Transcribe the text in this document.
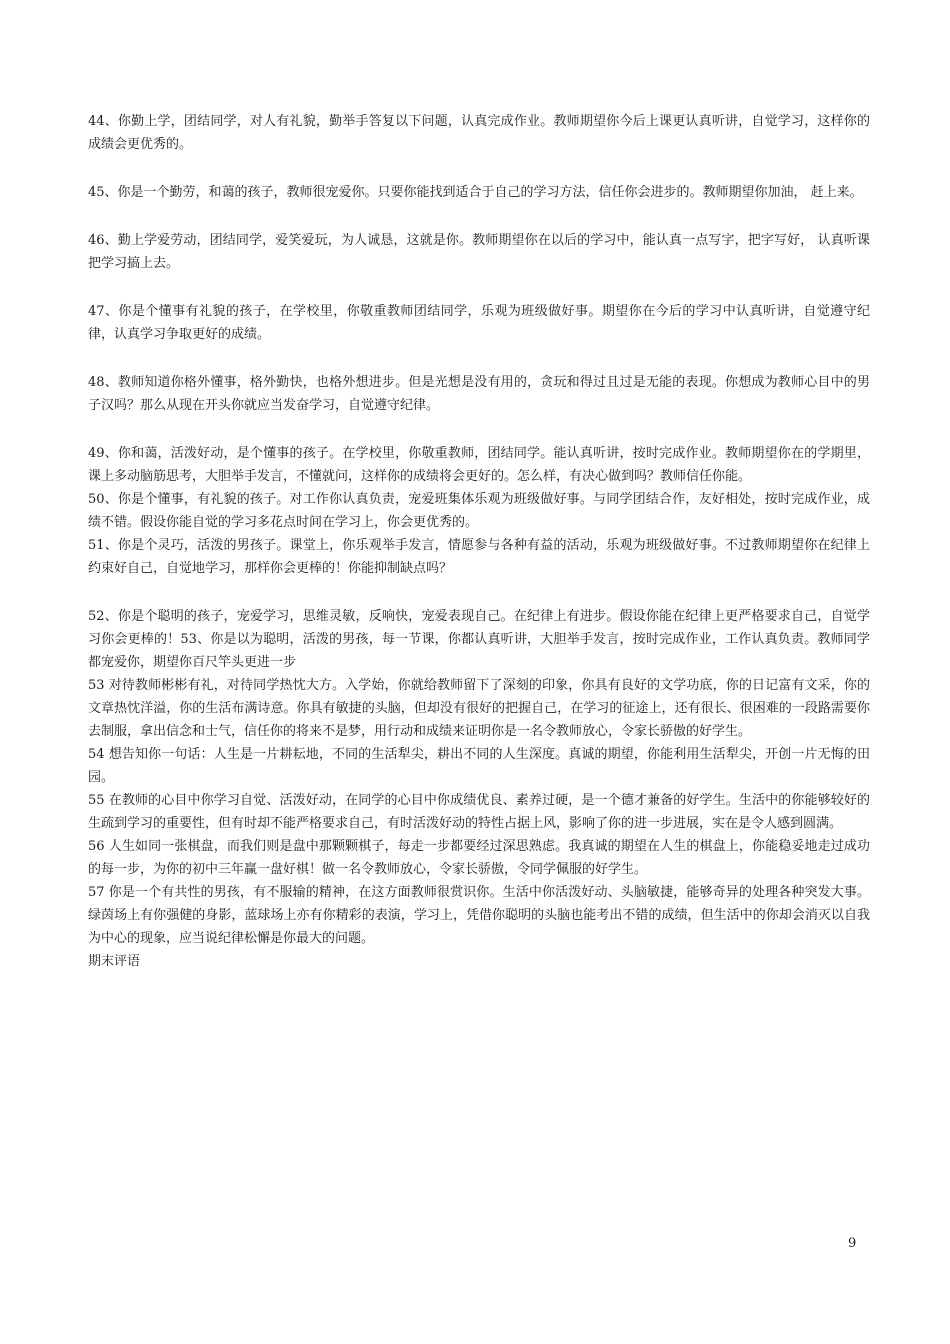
44、你勤上学，团结同学，对人有礼貌，勤举手答复以下问题，认真完成作业。教师期望你今后上课更认真听讲，自觉学习，这样你的成绩会更优秀的。

45、你是一个勤劳，和蔼的孩子，教师很宠爱你。只要你能找到适合于自己的学习方法，信任你会进步的。教师期望你加油， 赶上来。

46、勤上学爱劳动，团结同学，爱笑爱玩，为人诚恳，这就是你。教师期望你在以后的学习中，能认真一点写字，把字写好， 认真听课把学习搞上去。

47、你是个懂事有礼貌的孩子，在学校里，你敬重教师团结同学，乐观为班级做好事。期望你在今后的学习中认真听讲，自觉遵守纪律，认真学习争取更好的成绩。

48、教师知道你格外懂事，格外勤快，也格外想进步。但是光想是没有用的，贪玩和得过且过是无能的表现。你想成为教师心目中的男子汉吗？那么从现在开头你就应当发奋学习，自觉遵守纪律。

49、你和蔼，活泼好动，是个懂事的孩子。在学校里，你敬重教师，团结同学。能认真听讲，按时完成作业。教师期望你在的学期里，课上多动脑筋思考，大胆举手发言，不懂就问，这样你的成绩将会更好的。怎么样，有决心做到吗？教师信任你能。

50、你是个懂事，有礼貌的孩子。对工作你认真负责，宠爱班集体乐观为班级做好事。与同学团结合作，友好相处，按时完成作业，成绩不错。假设你能自觉的学习多花点时间在学习上，你会更优秀的。

51、你是个灵巧，活泼的男孩子。课堂上，你乐观举手发言，情愿参与各种有益的活动，乐观为班级做好事。不过教师期望你在纪律上约束好自己，自觉地学习，那样你会更棒的！你能抑制缺点吗？

52、你是个聪明的孩子，宠爱学习，思维灵敏，反响快，宠爱表现自己。在纪律上有进步。假设你能在纪律上更严格要求自己，自觉学习你会更棒的！53、你是以为聪明，活泼的男孩，每一节课，你都认真听讲，大胆举手发言，按时完成作业，工作认真负责。教师同学都宠爱你，期望你百尺竿头更进一步

53 对待教师彬彬有礼，对待同学热忱大方。入学始，你就给教师留下了深刻的印象，你具有良好的文学功底，你的日记富有文采，你的文章热忱洋溢，你的生活布满诗意。你具有敏捷的头脑，但却没有很好的把握自己，在学习的征途上，还有很长、很困难的一段路需要你去制服，拿出信念和士气，信任你的将来不是梦，用行动和成绩来证明你是一名令教师放心，令家长骄傲的好学生。

54 想告知你一句话：人生是一片耕耘地，不同的生活犁尖，耕出不同的人生深度。真诚的期望，你能利用生活犁尖，开创一片无悔的田园。

55 在教师的心目中你学习自觉、活泼好动，在同学的心目中你成绩优良、素养过硬，是一个德才兼备的好学生。生活中的你能够较好的生疏到学习的重要性，但有时却不能严格要求自己，有时活泼好动的特性占据上风，影响了你的进一步进展，实在是令人感到圆满。

56 人生如同一张棋盘，而我们则是盘中那颗颗棋子，每走一步都要经过深思熟虑。我真诚的期望在人生的棋盘上，你能稳妥地走过成功的每一步，为你的初中三年赢一盘好棋！做一名令教师放心，令家长骄傲，令同学佩服的好学生。

57 你是一个有共性的男孩，有不服输的精神，在这方面教师很赏识你。生活中你活泼好动、头脑敏捷，能够奇异的处理各种突发大事。绿茵场上有你强健的身影，蓝球场上亦有你精彩的表演，学习上，凭借你聪明的头脑也能考出不错的成绩，但生活中的你却会消灭以自我为中心的现象，应当说纪律松懈是你最大的问题。

期末评语

9
